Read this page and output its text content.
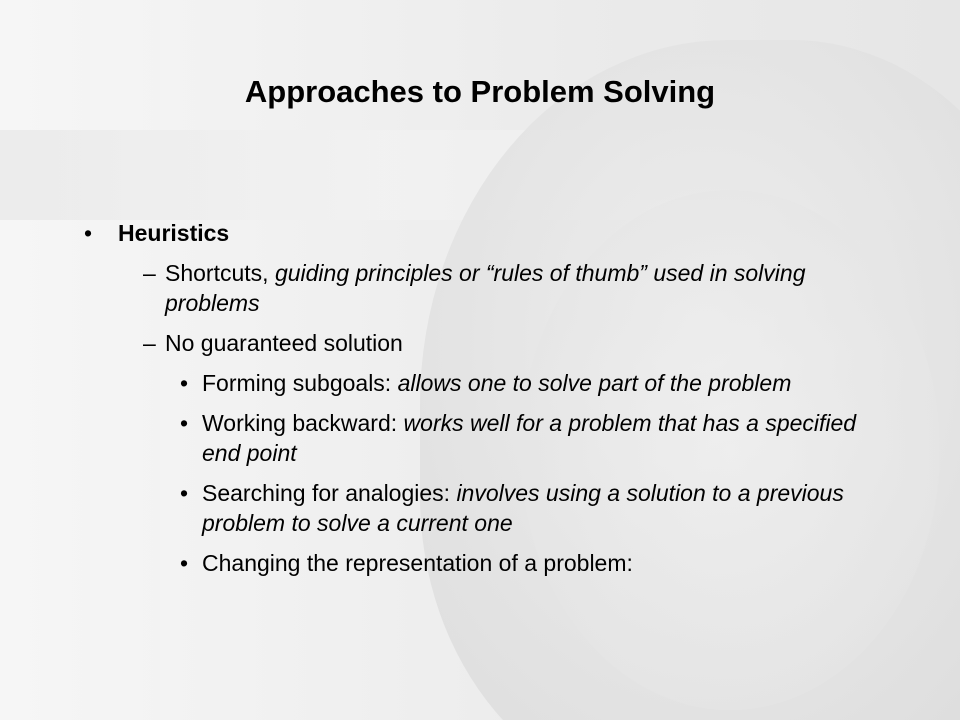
Approaches to Problem Solving
• Heuristics
– Shortcuts, guiding principles or “rules of thumb” used in solving problems
– No guaranteed solution
• Forming subgoals: allows one to solve part of the problem
• Working backward: works well for a problem that has a specified end point
• Searching for analogies: involves using a solution to a previous problem to solve a current one
• Changing the representation of a problem:
